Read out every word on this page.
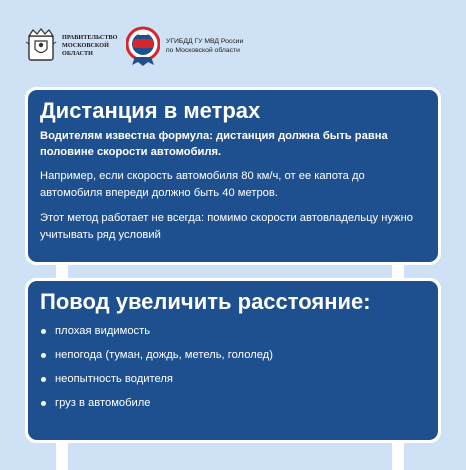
ПРАВИТЕЛЬСТВО
МОСКОВСКОЙ
ОБЛАСТИ
УГИБДД ГУ МВД России
по Московской области
Дистанция в метрах
Водителям известна формула: дистанция должна быть равна половине скорости автомобиля.
Например, если скорость автомобиля 80 км/ч, от ее капота до автомобиля впереди должно быть 40 метров.
Этот метод работает не всегда: помимо скорости автовладельцу нужно учитывать ряд условий
Повод увеличить расстояние:
плохая видимость
непогода (туман, дождь, метель, гололед)
неопытность водителя
груз в автомобиле
